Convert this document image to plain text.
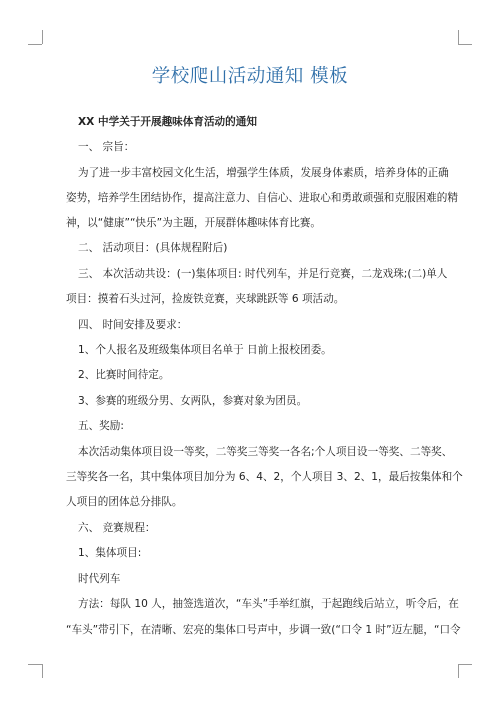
学校爬山活动通知 模板
XX 中学关于开展趣味体育活动的通知
一、 宗旨：
为了进一步丰富校园文化生活，增强学生体质，发展身体素质，培养身体的正确
姿势，培养学生团结协作，提高注意力、自信心、进取心和勇敢顽强和克服困难的精
神，以“健康”“快乐”为主题，开展群体趣味体育比赛。
二、 活动项目：(具体规程附后)
三、 本次活动共设：(一)集体项目: 时代列车，并足行竞赛，二龙戏珠;(二)单人
项目：摸着石头过河，捡废铁竞赛，夹球跳跃等 6 项活动。
四、 时间安排及要求：
1、个人报名及班级集体项目名单于 日前上报校团委。
2、比赛时间待定。
3、参赛的班级分男、女两队，参赛对象为团员。
五、奖励:
本次活动集体项目设一等奖，二等奖三等奖一各名;个人项目设一等奖、二等奖、
三等奖各一名，其中集体项目加分为 6、4、2，个人项目 3、2、1，最后按集体和个
人项目的团体总分排队。
六、 竞赛规程：
1、集体项目:
时代列车
方法：每队 10 人，抽签选道次，“车头”手举红旗，于起跑线后站立，听令后，在
“车头”带引下，在清晰、宏亮的集体口号声中，步调一致(“口令 1 时”迈左腿，“口令
